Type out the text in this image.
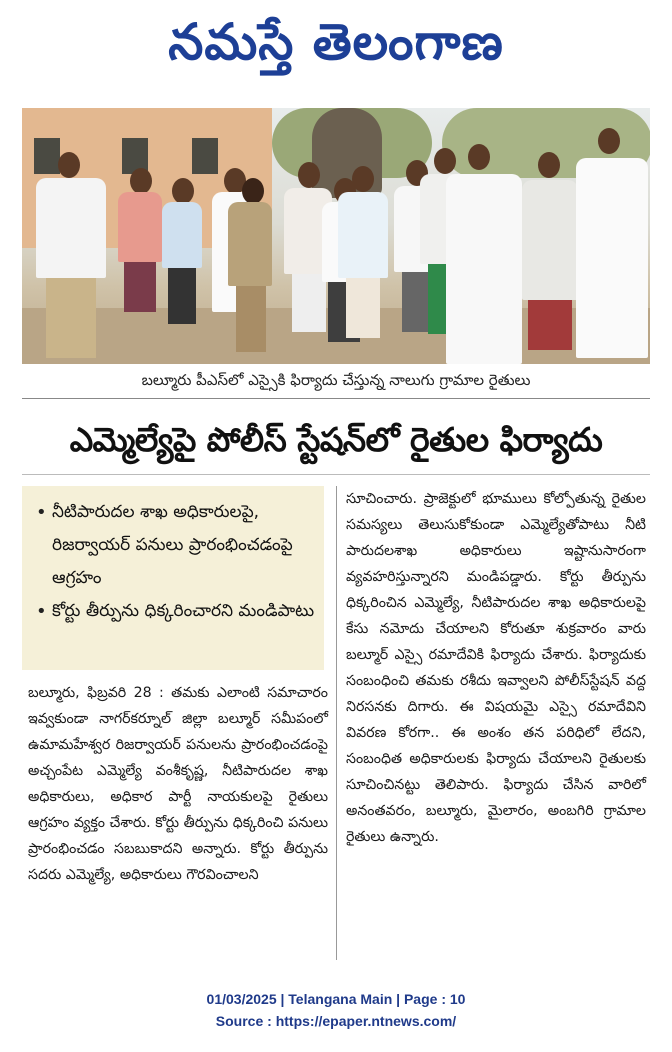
నమస్తే తెలంగాణ
బల్మూరు పీఎస్‌లో ఎస్సైకి ఫిర్యాదు చేస్తున్న నాలుగు గ్రామాల రైతులు
ఎమ్మెల్యేపై పోలీస్ స్టేషన్‌లో రైతుల ఫిర్యాదు
• నీటిపారుదల శాఖ అధికారులపై, రిజర్వాయర్ పనులు ప్రారంభించడంపై ఆగ్రహం
• కోర్టు తీర్పును ధిక్కరించారని మండిపాటు

బల్మూరు, ఫిబ్రవరి 28 : తమకు ఎలాంటి సమాచారం ఇవ్వకుండా నాగర్‌కర్నూల్ జిల్లా బల్మూర్ సమీపంలో ఉమామహేశ్వర రిజర్వాయర్ పనులను ప్రారంభించడంపై అచ్చంపేట ఎమ్మెల్యే వంశీకృష్ణ, నీటిపారుదల శాఖ అధికారులు, అధికార పార్టీ నాయకులపై రైతులు ఆగ్రహం వ్యక్తం చేశారు. కోర్టు తీర్పును ధిక్కరించి పనులు ప్రారంభించడం సబబుకాదని అన్నారు. కోర్టు తీర్పును సదరు ఎమ్మెల్యే, అధికారులు గౌరవించాలని

సూచించారు. ప్రాజెక్టులో భూములు కోల్పోతున్న రైతుల సమస్యలు తెలుసుకోకుండా ఎమ్మెల్యేతోపాటు నీటి పారుదలశాఖ అధికారులు ఇష్టానుసారంగా వ్యవహరిస్తున్నారని మండిపడ్డారు. కోర్టు తీర్పును ధిక్కరించిన ఎమ్మెల్యే, నీటిపారుదల శాఖ అధికారులపై కేసు నమోదు చేయాలని కోరుతూ శుక్రవారం వారు బల్మూర్ ఎస్సై రమాదేవికి ఫిర్యాదు చేశారు. ఫిర్యాదుకు సంబంధించి తమకు రశీదు ఇవ్వాలని పోలీస్‌స్టేషన్ వద్ద నిరసనకు దిగారు. ఈ విషయమై ఎస్సై రమాదేవిని వివరణ కోరగా.. ఈ అంశం తన పరిధిలో లేదని, సంబంధిత అధికారులకు ఫిర్యాదు చేయాలని రైతులకు సూచించినట్టు తెలిపారు. ఫిర్యాదు చేసిన వారిలో అనంతవరం, బల్మూరు, మైలారం, అంబగిరి గ్రామాల రైతులు ఉన్నారు.

01/03/2025 | Telangana Main | Page : 10
Source : https://epaper.ntnews.com/
